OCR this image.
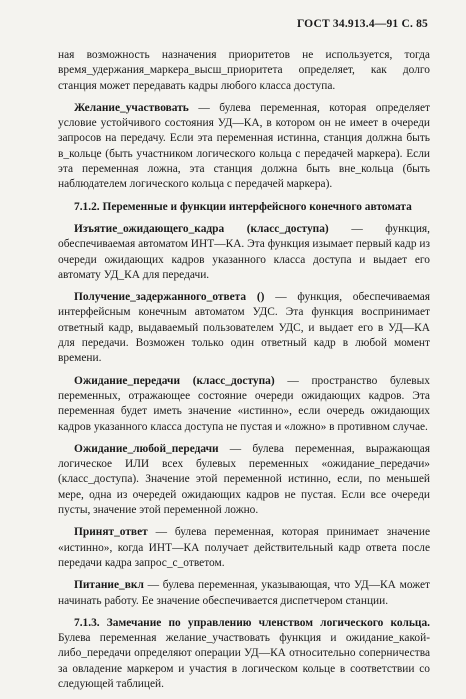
ГОСТ 34.913.4—91 С. 85

ная возможность назначения приоритетов не используется, тогда время_удержания_маркера_высш_приоритета определяет, как долго станция может передавать кадры любого класса доступа.

Желание_участвовать — булева переменная, которая определяет условие устойчивого состояния УД—КА, в котором он не имеет в очереди запросов на передачу. Если эта переменная истинна, станция должна быть в_кольце (быть участником логического кольца с передачей маркера). Если эта переменная ложна, эта станция должна быть вне_кольца (быть наблюдателем логического кольца с передачей маркера).

7.1.2. Переменные и функции интерфейсного конечного автомата

Изъятие_ожидающего_кадра (класс_доступа) — функция, обеспечиваемая автоматом ИНТ—КА. Эта функция изымает первый кадр из очереди ожидающих кадров указанного класса доступа и выдает его автомату УД_КА для передачи.

Получение_задержанного_ответа () — функция, обеспечиваемая интерфейсным конечным автоматом УДС. Эта функция воспринимает ответный кадр, выдаваемый пользователем УДС, и выдает его в УД—КА для передачи. Возможен только один ответный кадр в любой момент времени.

Ожидание_передачи (класс_доступа) — пространство булевых переменных, отражающее состояние очереди ожидающих кадров. Эта переменная будет иметь значение «истинно», если очередь ожидающих кадров указанного класса доступа не пустая и «ложно» в противном случае.

Ожидание_любой_передачи — булева переменная, выражающая логическое ИЛИ всех булевых переменных «ожидание_передачи» (класс_доступа). Значение этой переменной истинно, если, по меньшей мере, одна из очередей ожидающих кадров не пустая. Если все очереди пусты, значение этой переменной ложно.

Принят_ответ — булева переменная, которая принимает значение «истинно», когда ИНТ—КА получает действительный кадр ответа после передачи кадра запрос_с_ответом.

Питание_вкл — булева переменная, указывающая, что УД—КА может начинать работу. Ее значение обеспечивается диспетчером станции.

7.1.3. Замечание по управлению членством логического кольца. Булева переменная желание_участвовать функция и ожидание_какой-либо_передачи определяют операции УД—КА относительно соперничества за овладение маркером и участия в логическом кольце в соответствии со следующей таблицей.
